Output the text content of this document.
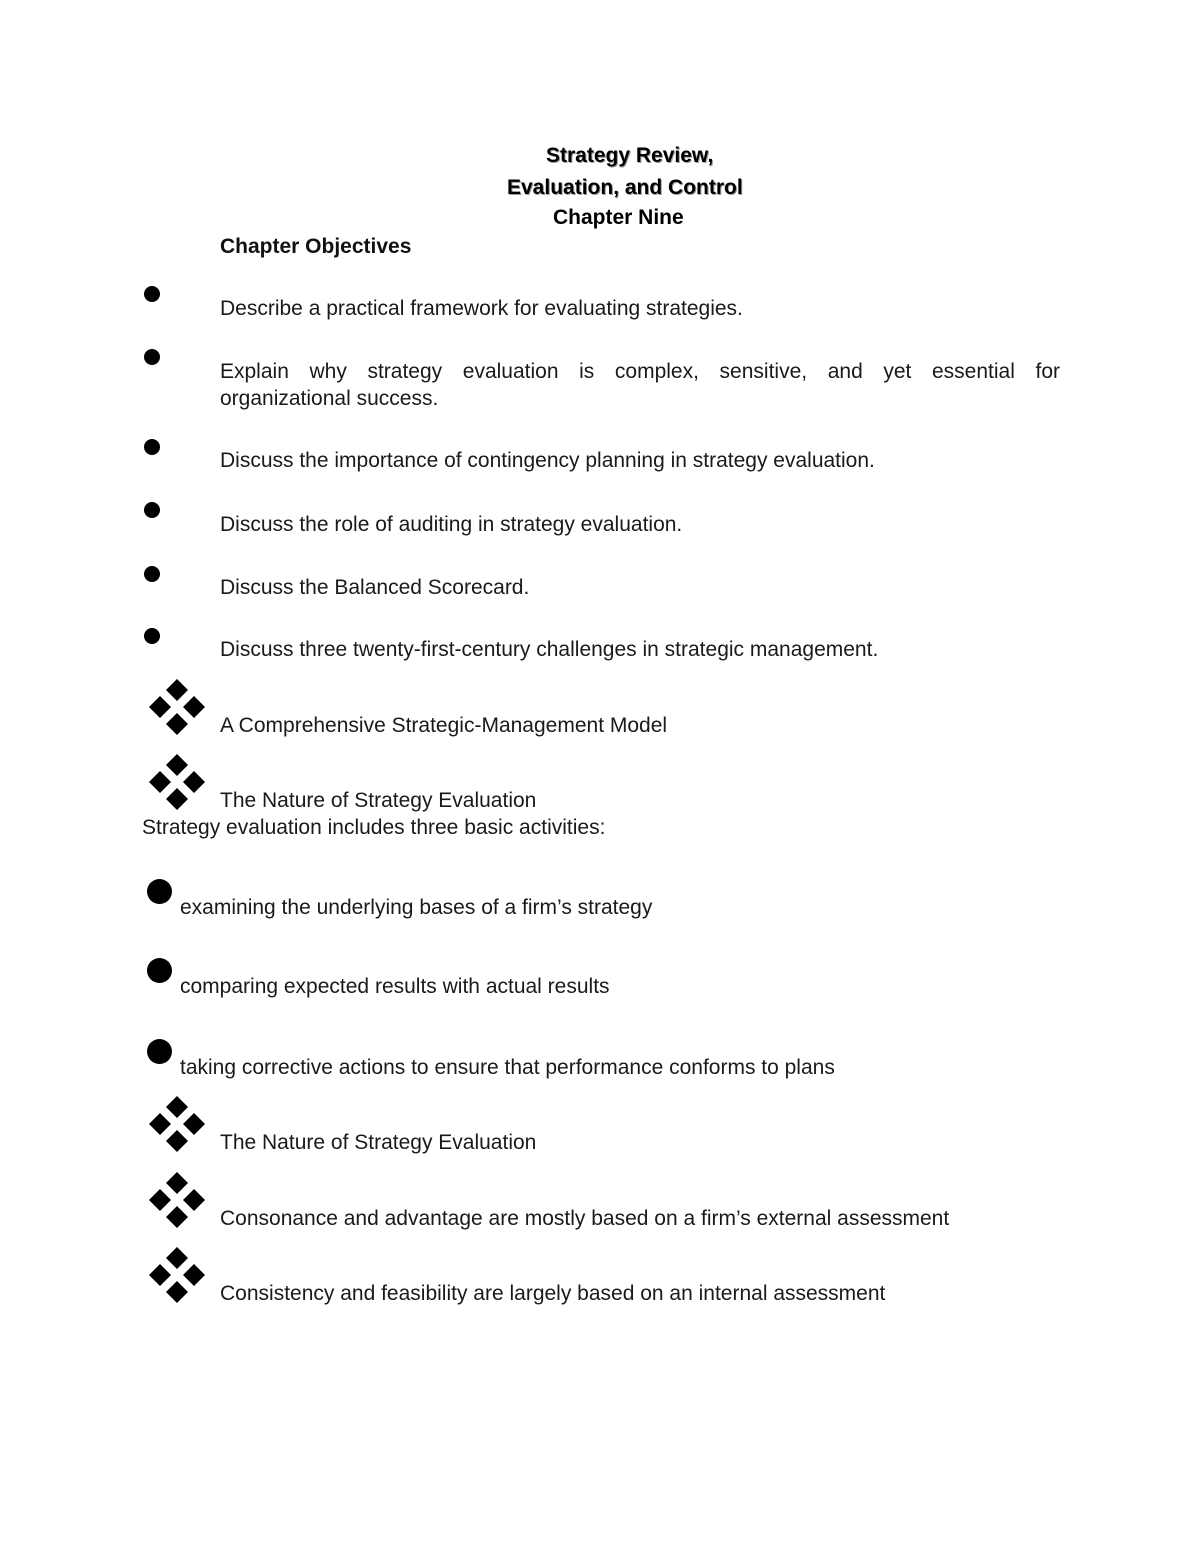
Strategy Review,
Evaluation, and Control
Chapter Nine
Chapter Objectives
Describe a practical framework for evaluating strategies.
Explain why strategy evaluation is complex, sensitive, and yet essential for
organizational success.
Discuss the importance of contingency planning in strategy evaluation.
Discuss the role of auditing in strategy evaluation.
Discuss the Balanced Scorecard.
Discuss three twenty-first-century challenges in strategic management.
A Comprehensive Strategic-Management Model
The Nature of Strategy Evaluation
Strategy evaluation includes three basic activities:
examining the underlying bases of a firm’s strategy
comparing expected results with actual results
taking corrective actions to ensure that performance conforms to plans
The Nature of Strategy Evaluation
Consonance and advantage are mostly based on a firm’s external assessment
Consistency and feasibility are largely based on an internal assessment
